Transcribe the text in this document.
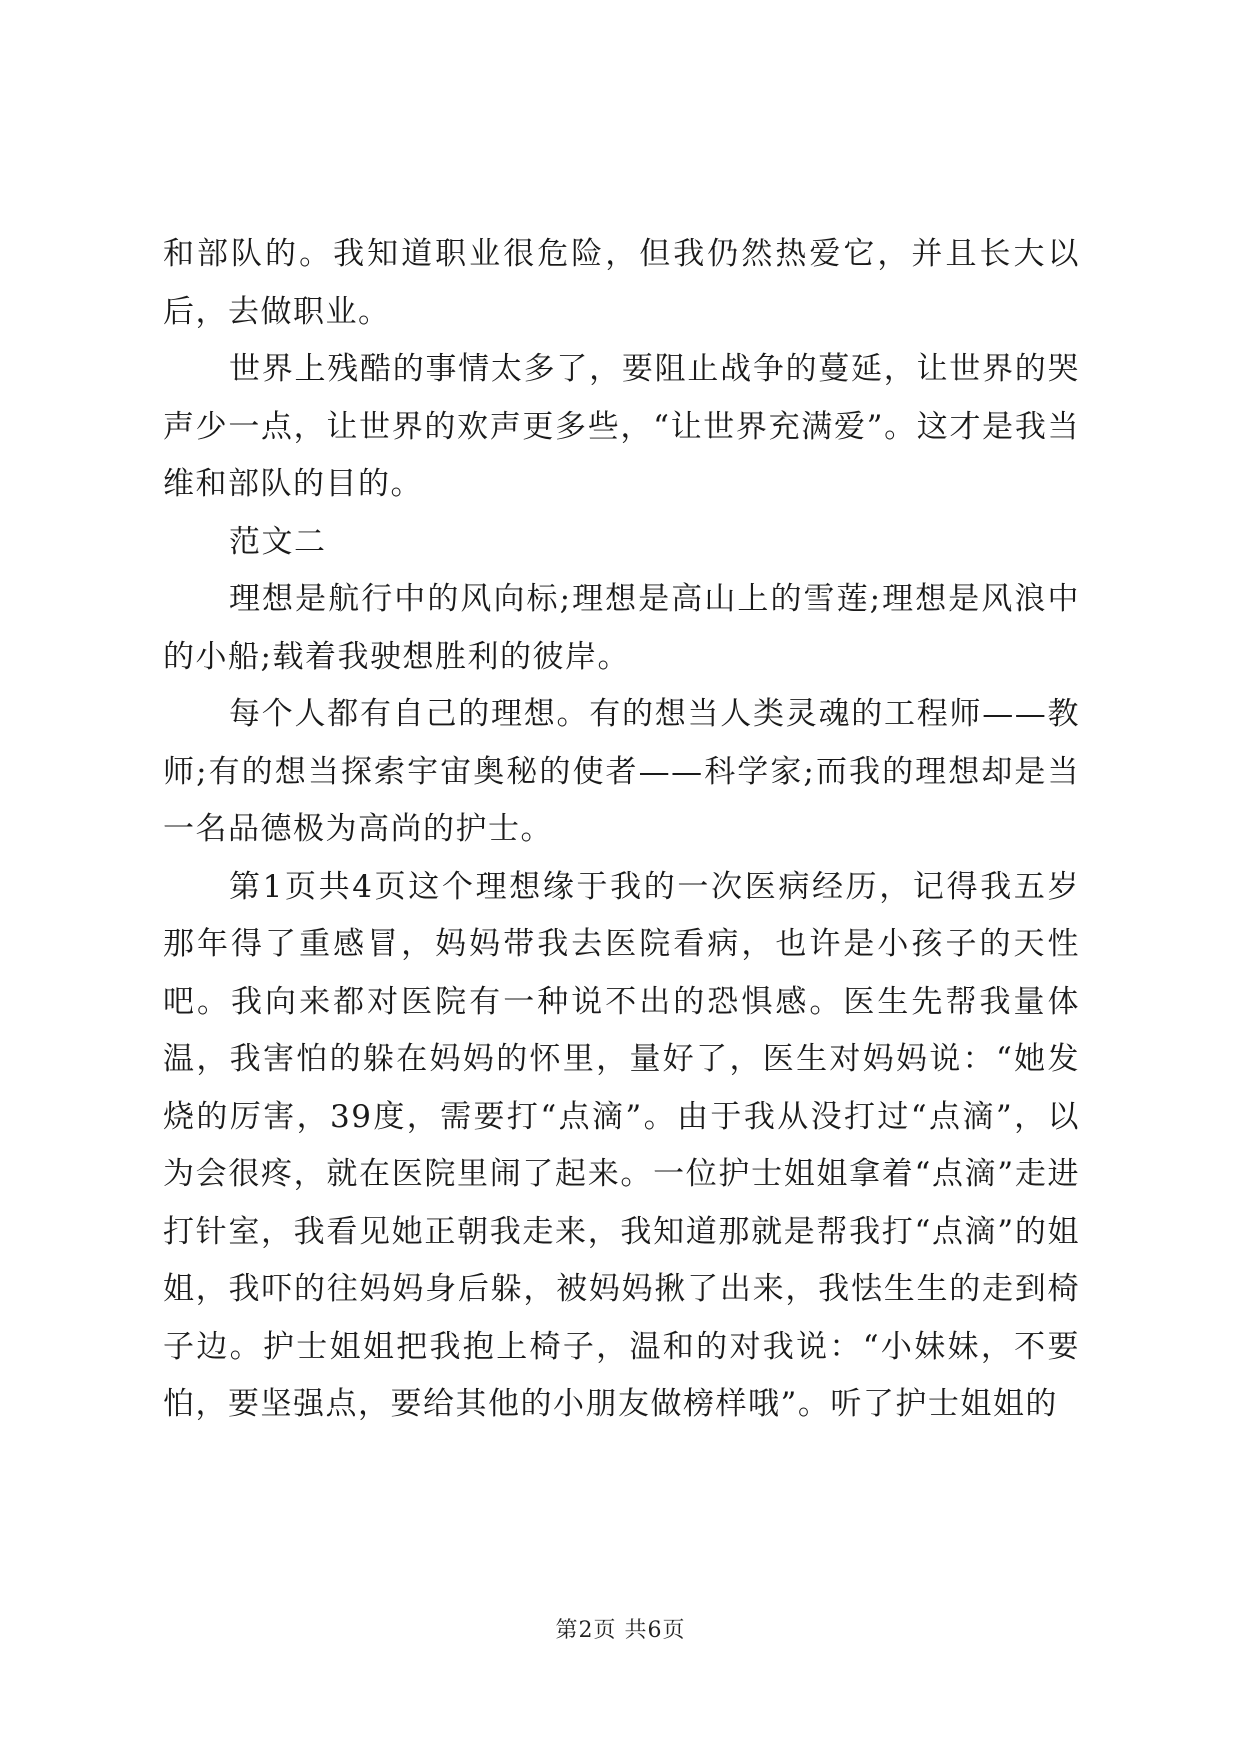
和部队的。我知道职业很危险，但我仍然热爱它，并且长大以后，去做职业。

世界上残酷的事情太多了，要阻止战争的蔓延，让世界的哭声少一点，让世界的欢声更多些，“让世界充满爱”。这才是我当维和部队的目的。

范文二

理想是航行中的风向标;理想是高山上的雪莲;理想是风浪中的小船;载着我驶想胜利的彼岸。

每个人都有自己的理想。有的想当人类灵魂的工程师——教师;有的想当探索宇宙奥秘的使者——科学家;而我的理想却是当一名品德极为高尚的护士。

第1页共4页这个理想缘于我的一次医病经历，记得我五岁那年得了重感冒，妈妈带我去医院看病，也许是小孩子的天性吧。我向来都对医院有一种说不出的恐惧感。医生先帮我量体温，我害怕的躲在妈妈的怀里，量好了，医生对妈妈说：“她发烧的厉害，39度，需要打“点滴”。由于我从没打过“点滴”，以为会很疼，就在医院里闹了起来。一位护士姐姐拿着“点滴”走进打针室，我看见她正朝我走来，我知道那就是帮我打“点滴”的姐姐，我吓的往妈妈身后躲，被妈妈揪了出来，我怯生生的走到椅子边。护士姐姐把我抱上椅子，温和的对我说：“小妹妹，不要怕，要坚强点，要给其他的小朋友做榜样哦”。听了护士姐姐的

第2页 共6页
